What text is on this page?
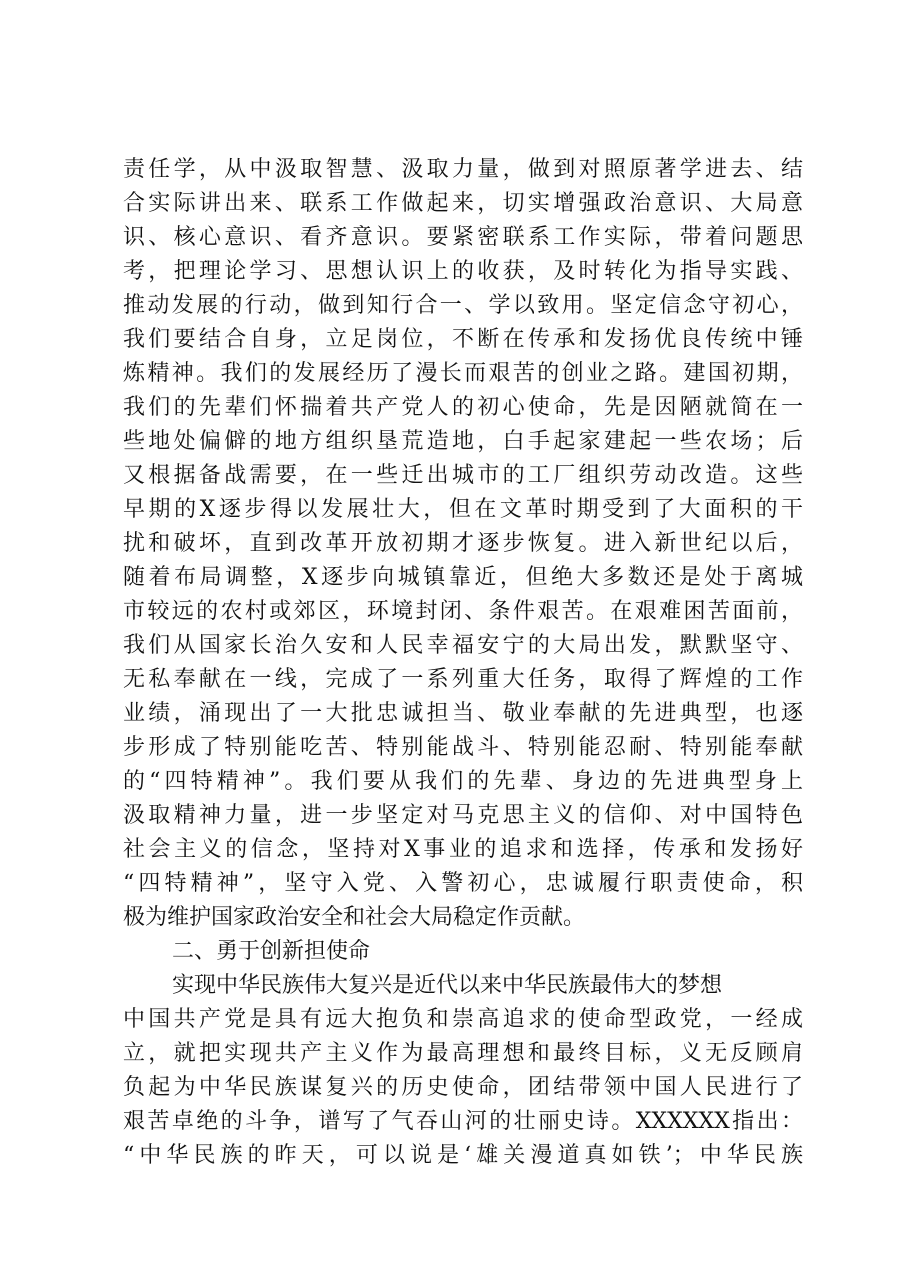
责任学，从中汲取智慧、汲取力量，做到对照原著学进去、结
合实际讲出来、联系工作做起来，切实增强政治意识、大局意
识、核心意识、看齐意识。要紧密联系工作实际，带着问题思
考，把理论学习、思想认识上的收获，及时转化为指导实践、
推动发展的行动，做到知行合一、学以致用。坚定信念守初心，
我们要结合自身，立足岗位，不断在传承和发扬优良传统中锤
炼精神。我们的发展经历了漫长而艰苦的创业之路。建国初期，
我们的先辈们怀揣着共产党人的初心使命，先是因陋就简在一
些地处偏僻的地方组织垦荒造地，白手起家建起一些农场；后
又根据备战需要，在一些迁出城市的工厂组织劳动改造。这些
早期的X逐步得以发展壮大，但在文革时期受到了大面积的干
扰和破坏，直到改革开放初期才逐步恢复。进入新世纪以后，
随着布局调整，X逐步向城镇靠近，但绝大多数还是处于离城
市较远的农村或郊区，环境封闭、条件艰苦。在艰难困苦面前，
我们从国家长治久安和人民幸福安宁的大局出发，默默坚守、
无私奉献在一线，完成了一系列重大任务，取得了辉煌的工作
业绩，涌现出了一大批忠诚担当、敬业奉献的先进典型，也逐
步形成了特别能吃苦、特别能战斗、特别能忍耐、特别能奉献
的“四特精神”。我们要从我们的先辈、身边的先进典型身上
汲取精神力量，进一步坚定对马克思主义的信仰、对中国特色
社会主义的信念，坚持对X事业的追求和选择，传承和发扬好
“四特精神”，坚守入党、入警初心，忠诚履行职责使命，积
极为维护国家政治安全和社会大局稳定作贡献。
二、勇于创新担使命
实现中华民族伟大复兴是近代以来中华民族最伟大的梦想
中国共产党是具有远大抱负和崇高追求的使命型政党，一经成
立，就把实现共产主义作为最高理想和最终目标，义无反顾肩
负起为中华民族谋复兴的历史使命，团结带领中国人民进行了
艰苦卓绝的斗争，谱写了气吞山河的壮丽史诗。XXXXXX指出：
“中华民族的昨天，可以说是‘雄关漫道真如铁’；中华民族
